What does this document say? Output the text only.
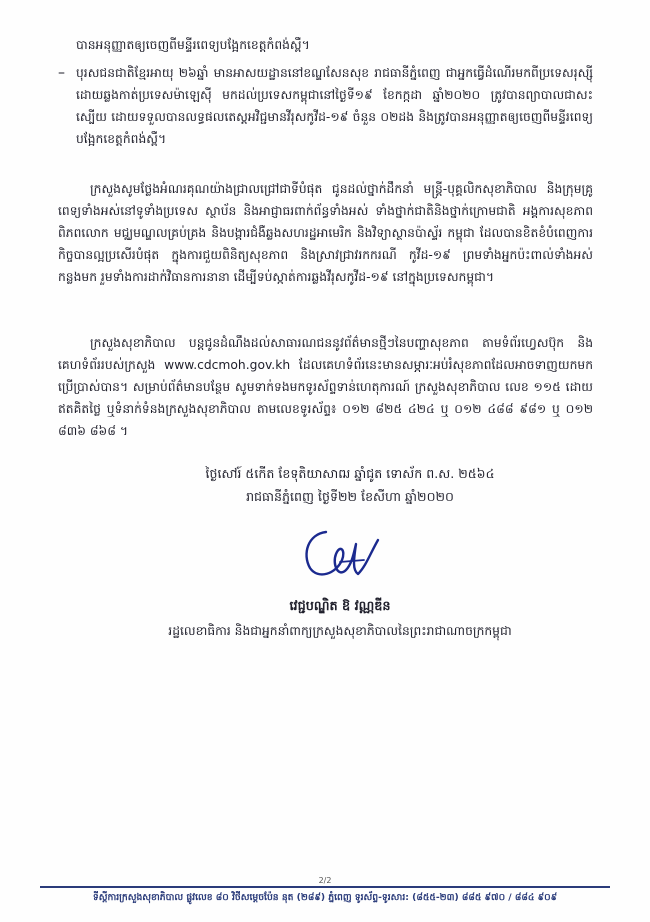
បានអនុញ្ញាតឲ្យចេញពីមន្ទីរពេទ្យបង្អែកខេត្តកំពង់ស្ពឺ។

– បុរសជនជាតិខ្មែរអាយុ ២៦ឆ្នាំ មានអាសយដ្ឋាននៅខណ្ឌសែនសុខ រាជធានីភ្នំពេញ ជាអ្នកធ្វើដំណើរមកពីប្រទេសរុស្ស៊ី ដោយឆ្លងកាត់ប្រទេសម៉ាឡេស៊ី មកដល់ប្រទេសកម្ពុជានៅថ្ងៃទី១៩ ខែកក្កដា ឆ្នាំ២០២០ ត្រូវបានព្យាបាលជាសះស្បើយ ដោយទទួលបានលទ្ធផលតេស្តអវិជ្ជមានវីរុសកូវីដ-១៩ ចំនួន ០២ដង និងត្រូវបានអនុញ្ញាតឲ្យចេញពីមន្ទីរពេទ្យបង្អែកខេត្តកំពង់ស្ពឺ។

ក្រសួងសូមថ្លែងអំណរគុណយ៉ាងជ្រាលជ្រៅជាទីបំផុត ជូនដល់ថ្នាក់ដឹកនាំ មន្ត្រី-បុគ្គលិកសុខាភិបាល និងក្រុមគ្រូពេទ្យទាំងអស់នៅទូទាំងប្រទេស ស្ថាប័ន និងអាជ្ញាធរពាក់ព័ន្ធទាំងអស់ ទាំងថ្នាក់ជាតិនិងថ្នាក់ក្រោមជាតិ អង្គការសុខភាពពិភពលោក មជ្ឈមណ្ឌលគ្រប់គ្រង និងបង្ការជំងឺឆ្លងសហរដ្ឋអាមេរិក និងវិទ្យាស្ថានប៉ាស្ទ័រ កម្ពុជា ដែលបានខិតខំបំពេញការកិច្ចបានល្អប្រសើរបំផុត ក្នុងការជួយពិនិត្យសុខភាព និងស្រាវជ្រាវរកករណី កូវីដ-១៩ ព្រមទាំងអ្នកប៉ះពាល់ទាំងអស់កន្លងមក រួមទាំងការដាក់វិធានការនានា ដើម្បីទប់ស្កាត់ការឆ្លងវីរុសកូវីដ-១៩ នៅក្នុងប្រទេសកម្ពុជា។

ក្រសួងសុខាភិបាល បន្តជូនដំណឹងដល់សាធារណជននូវព័ត៌មានថ្មីៗនៃបញ្ហាសុខភាព តាមទំព័រហ្វេសប៊ុក និងគេហទំព័ររបស់ក្រសួង www.cdcmoh.gov.kh ដែលគេហទំព័រនេះមានសម្ភារៈអប់រំសុខភាពដែលអាចទាញយកមកប្រើប្រាស់បាន។ សម្រាប់ព័ត៌មានបន្ថែម សូមទាក់ទងមកទូរស័ព្ទទាន់ហេតុការណ៍ ក្រសួងសុខាភិបាល លេខ ១១៥ ដោយឥតគិតថ្លៃ ឬទំនាក់ទំនងក្រសួងសុខាភិបាល តាមលេខទូរស័ព្ទ៖ ០១២ ៨២៥ ៤២៤ ឬ ០១២ ៤៨៨ ៩៨១ ឬ ០១២ ៨៣៦ ៨៦៨ ។

ថ្ងៃសៅរ៍ ៥កើត ខែទុតិយាសាឍ ឆ្នាំជូត ទោស័ក ព.ស. ២៥៦៤
រាជធានីភ្នំពេញ ថ្ងៃទី២២ ខែសីហា ឆ្នាំ២០២០
វេជ្ជបណ្ឌិត ឱ វណ្ណឌីន
រដ្ឋលេខាធិការ និងជាអ្នកនាំពាក្យក្រសួងសុខាភិបាលនៃព្រះរាជាណាចក្រកម្ពុជា
2/2
ទីស្តីការក្រសួងសុខាភិបាល ផ្លូវលេខ ៨០ វិថីសម្តេចប៉ែន នុត (២៨៩) ភ្នំពេញ ទូរស័ព្ទ-ទូរសារ: (៨៥៥-២៣) ៨៨៥ ៩៧០ / ៨៨៤ ៩០៩
